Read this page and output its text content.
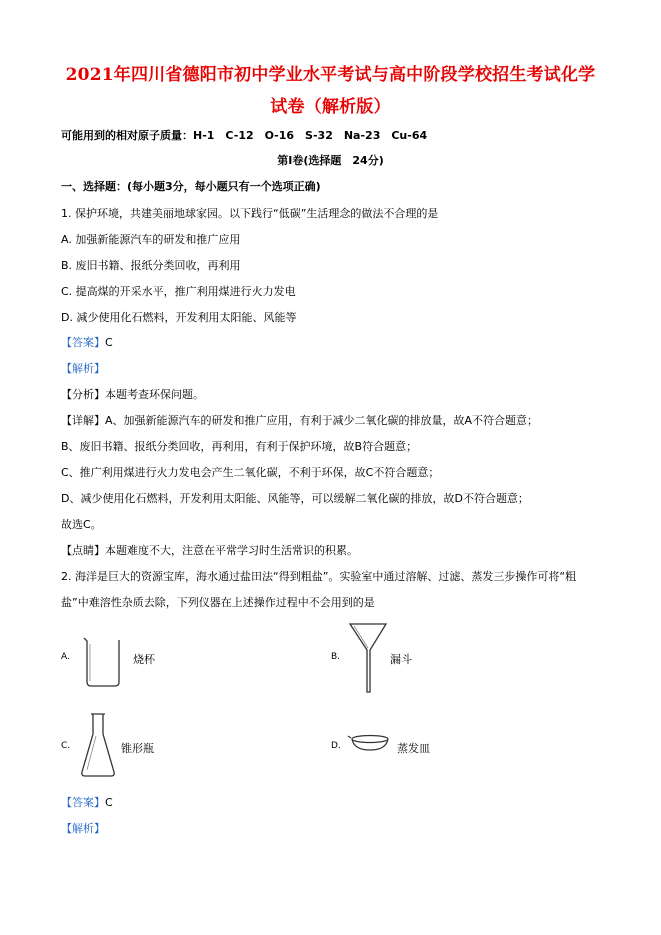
2021年四川省德阳市初中学业水平考试与高中阶段学校招生考试化学
试卷（解析版）
可能用到的相对原子质量：H-1　C-12　O-16　S-32　Na-23　Cu-64
第Ⅰ卷(选择题　24分)
一、选择题：(每小题3分，每小题只有一个选项正确)
1. 保护环境，共建美丽地球家园。以下践行“低碳”生活理念的做法不合理的是
A. 加强新能源汽车的研发和推广应用
B. 废旧书籍、报纸分类回收，再利用
C. 提高煤的开采水平，推广利用煤进行火力发电
D. 减少使用化石燃料，开发利用太阳能、风能等
【答案】C
【解析】
【分析】本题考查环保问题。
【详解】A、加强新能源汽车的研发和推广应用，有利于减少二氧化碳的排放量，故A不符合题意；
B、废旧书籍、报纸分类回收，再利用，有利于保护环境，故B符合题意；
C、推广利用煤进行火力发电会产生二氧化碳，不利于环保，故C不符合题意；
D、减少使用化石燃料，开发利用太阳能、风能等，可以缓解二氧化碳的排放，故D不符合题意；
故选C。
【点睛】本题难度不大，注意在平常学习时生活常识的积累。
2. 海洋是巨大的资源宝库，海水通过盐田法“得到粗盐”。实验室中通过溶解、过滤、蒸发三步操作可将“粗
盐”中难溶性杂质去除，下列仪器在上述操作过程中不会用到的是
A.	烧杯	B.	漏斗
C.	锥形瓶	D.	蒸发皿
【答案】C
【解析】
